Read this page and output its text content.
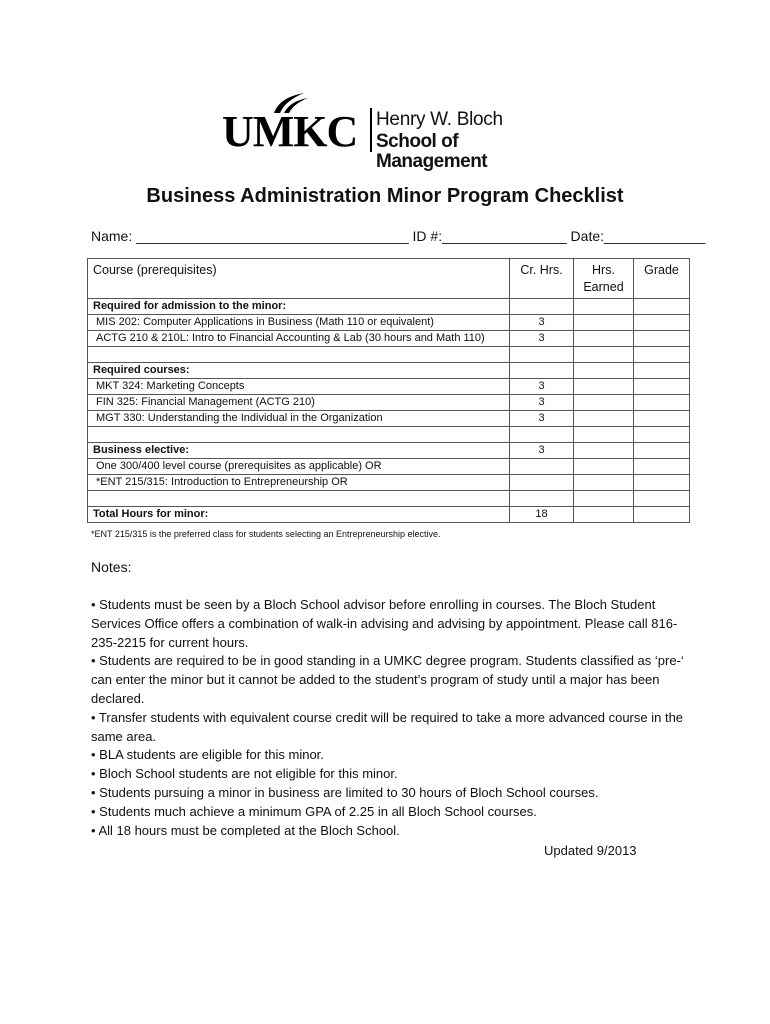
UMKC Henry W. Bloch
School of Management
Business Administration Minor Program Checklist
Name: ___________________________________ ID #:________________ Date:_____________
Course (prerequisites)	Cr. Hrs.	Hrs. Earned	Grade
Required for admission to the minor:			
MIS 202: Computer Applications in Business (Math 110 or equivalent)	3		
ACTG 210 & 210L: Intro to Financial Accounting & Lab (30 hours and Math 110)	3		

Required courses:			
MKT 324: Marketing Concepts	3		
FIN 325: Financial Management (ACTG 210)	3		
MGT 330: Understanding the Individual in the Organization	3		

Business elective:	3		
One 300/400 level course (prerequisites as applicable) OR			
*ENT 215/315: Introduction to Entrepreneurship OR			

Total Hours for minor:	18		
*ENT 215/315 is the preferred class for students selecting an Entrepreneurship elective.
Notes:

• Students must be seen by a Bloch School advisor before enrolling in courses. The Bloch Student Services Office offers a combination of walk-in advising and advising by appointment. Please call 816-235-2215 for current hours.

• Students are required to be in good standing in a UMKC degree program. Students classified as ‘pre-‘ can enter the minor but it cannot be added to the student’s program of study until a major has been declared.

• Transfer students with equivalent course credit will be required to take a more advanced course in the same area.

• BLA students are eligible for this minor.

• Bloch School students are not eligible for this minor.

• Students pursuing a minor in business are limited to 30 hours of Bloch School courses.

• Students much achieve a minimum GPA of 2.25 in all Bloch School courses.

• All 18 hours must be completed at the Bloch School.

Updated 9/2013
